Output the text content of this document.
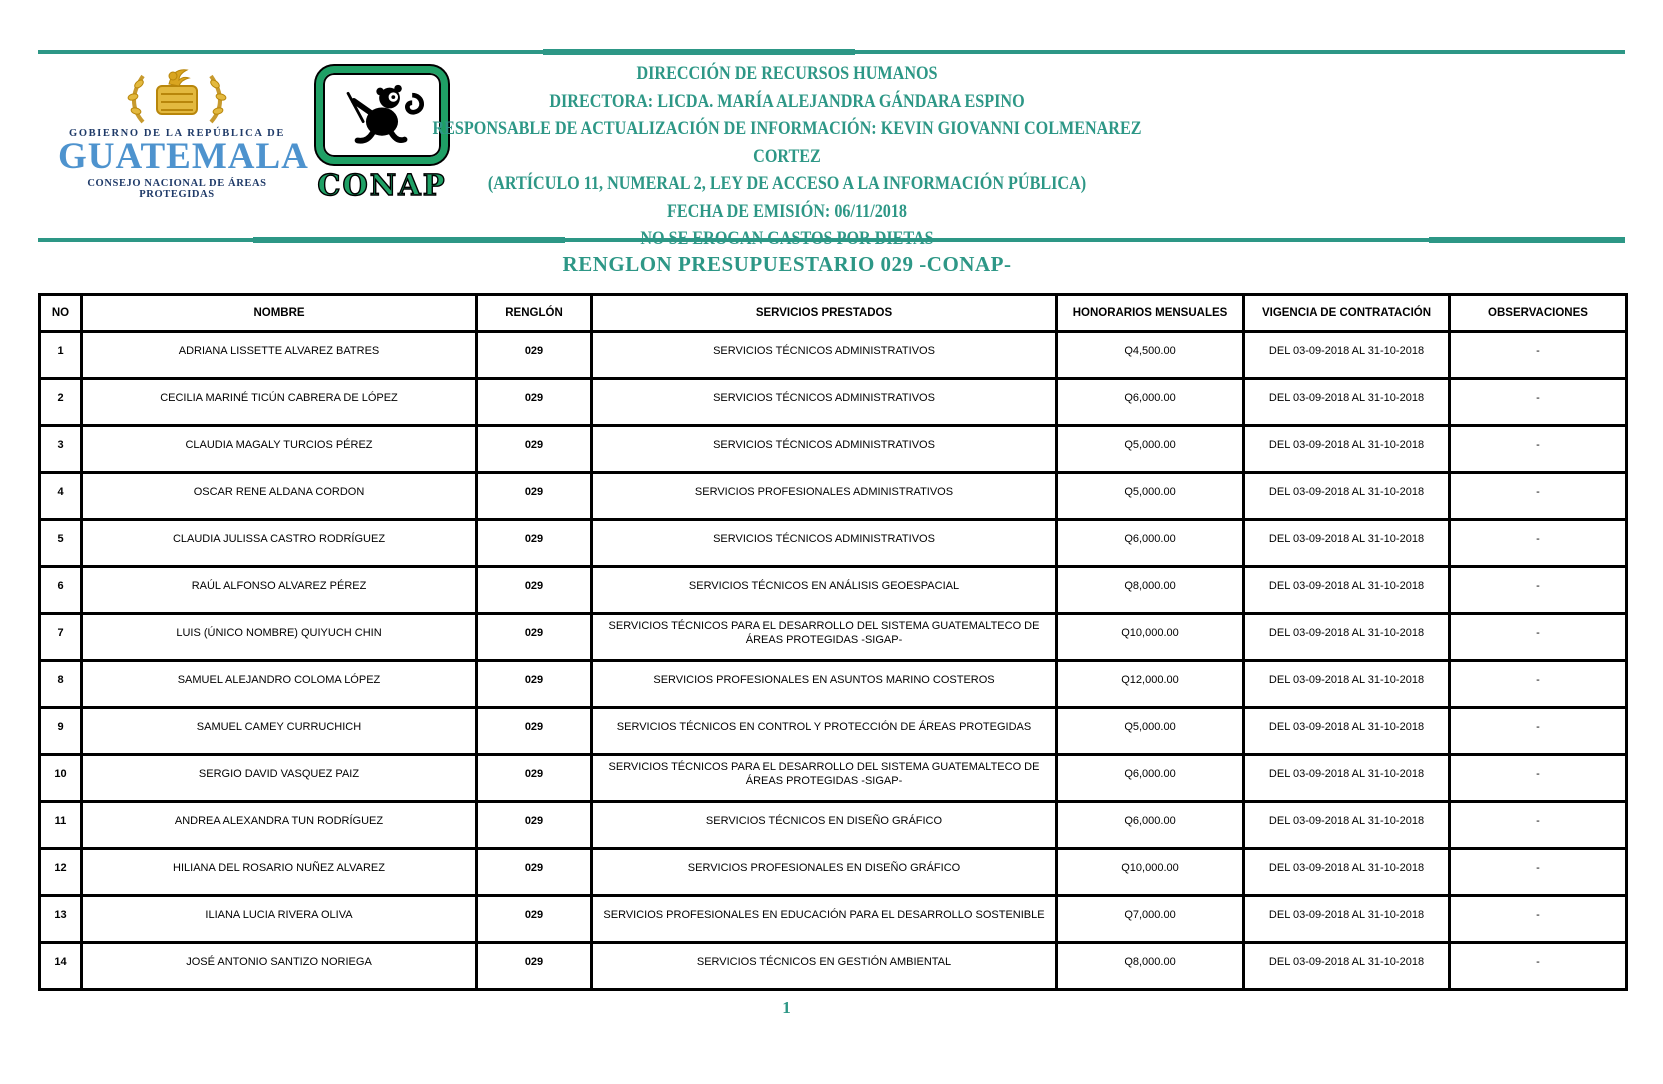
GOBIERNO DE LA REPÚBLICA DE
GUATEMALA
CONSEJO NACIONAL DE ÁREAS PROTEGIDAS	CONAP
DIRECCIÓN DE RECURSOS HUMANOS
DIRECTORA: LICDA. MARÍA ALEJANDRA GÁNDARA ESPINO
RESPONSABLE DE ACTUALIZACIÓN DE INFORMACIÓN: KEVIN GIOVANNI COLMENAREZ CORTEZ
(ARTÍCULO 11, NUMERAL 2, LEY DE ACCESO A LA INFORMACIÓN PÚBLICA)
FECHA DE EMISIÓN: 06/11/2018
RENGLON PRESUPUESTARIO 029 -CONAP-
NO	NOMBRE	RENGLÓN	SERVICIOS PRESTADOS	HONORARIOS MENSUALES	VIGENCIA DE CONTRATACIÓN	OBSERVACIONES
1	ADRIANA LISSETTE ALVAREZ BATRES	029	SERVICIOS TÉCNICOS ADMINISTRATIVOS	Q4,500.00	DEL 03-09-2018 AL 31-10-2018	-
2	CECILIA MARINÉ TICÚN CABRERA DE LÓPEZ	029	SERVICIOS TÉCNICOS ADMINISTRATIVOS	Q6,000.00	DEL 03-09-2018 AL 31-10-2018	-
3	CLAUDIA MAGALY TURCIOS PÉREZ	029	SERVICIOS TÉCNICOS ADMINISTRATIVOS	Q5,000.00	DEL 03-09-2018 AL 31-10-2018	-
4	OSCAR RENE ALDANA CORDON	029	SERVICIOS PROFESIONALES ADMINISTRATIVOS	Q5,000.00	DEL 03-09-2018 AL 31-10-2018	-
5	CLAUDIA JULISSA CASTRO RODRÍGUEZ	029	SERVICIOS TÉCNICOS ADMINISTRATIVOS	Q6,000.00	DEL 03-09-2018 AL 31-10-2018	-
6	RAÚL ALFONSO ALVAREZ PÉREZ	029	SERVICIOS TÉCNICOS EN ANÁLISIS GEOESPACIAL	Q8,000.00	DEL 03-09-2018 AL 31-10-2018	-
7	LUIS (ÚNICO NOMBRE) QUIYUCH CHIN	029	SERVICIOS TÉCNICOS PARA EL DESARROLLO DEL SISTEMA GUATEMALTECO DE ÁREAS PROTEGIDAS -SIGAP-	Q10,000.00	DEL 03-09-2018 AL 31-10-2018	-
8	SAMUEL ALEJANDRO COLOMA LÓPEZ	029	SERVICIOS PROFESIONALES EN ASUNTOS MARINO COSTEROS	Q12,000.00	DEL 03-09-2018 AL 31-10-2018	-
9	SAMUEL CAMEY CURRUCHICH	029	SERVICIOS TÉCNICOS EN CONTROL Y PROTECCIÓN DE ÁREAS PROTEGIDAS	Q5,000.00	DEL 03-09-2018 AL 31-10-2018	-
10	SERGIO DAVID VASQUEZ PAIZ	029	SERVICIOS TÉCNICOS PARA EL DESARROLLO DEL SISTEMA GUATEMALTECO DE ÁREAS PROTEGIDAS -SIGAP-	Q6,000.00	DEL 03-09-2018 AL 31-10-2018	-
11	ANDREA ALEXANDRA TUN RODRÍGUEZ	029	SERVICIOS TÉCNICOS EN DISEÑO GRÁFICO	Q6,000.00	DEL 03-09-2018 AL 31-10-2018	-
12	HILIANA DEL ROSARIO NUÑEZ ALVAREZ	029	SERVICIOS PROFESIONALES EN DISEÑO GRÁFICO	Q10,000.00	DEL 03-09-2018 AL 31-10-2018	-
13	ILIANA LUCIA RIVERA OLIVA	029	SERVICIOS PROFESIONALES EN EDUCACIÓN PARA EL DESARROLLO SOSTENIBLE	Q7,000.00	DEL 03-09-2018 AL 31-10-2018	-
14	JOSÉ ANTONIO SANTIZO NORIEGA	029	SERVICIOS TÉCNICOS EN GESTIÓN AMBIENTAL	Q8,000.00	DEL 03-09-2018 AL 31-10-2018	-
1
